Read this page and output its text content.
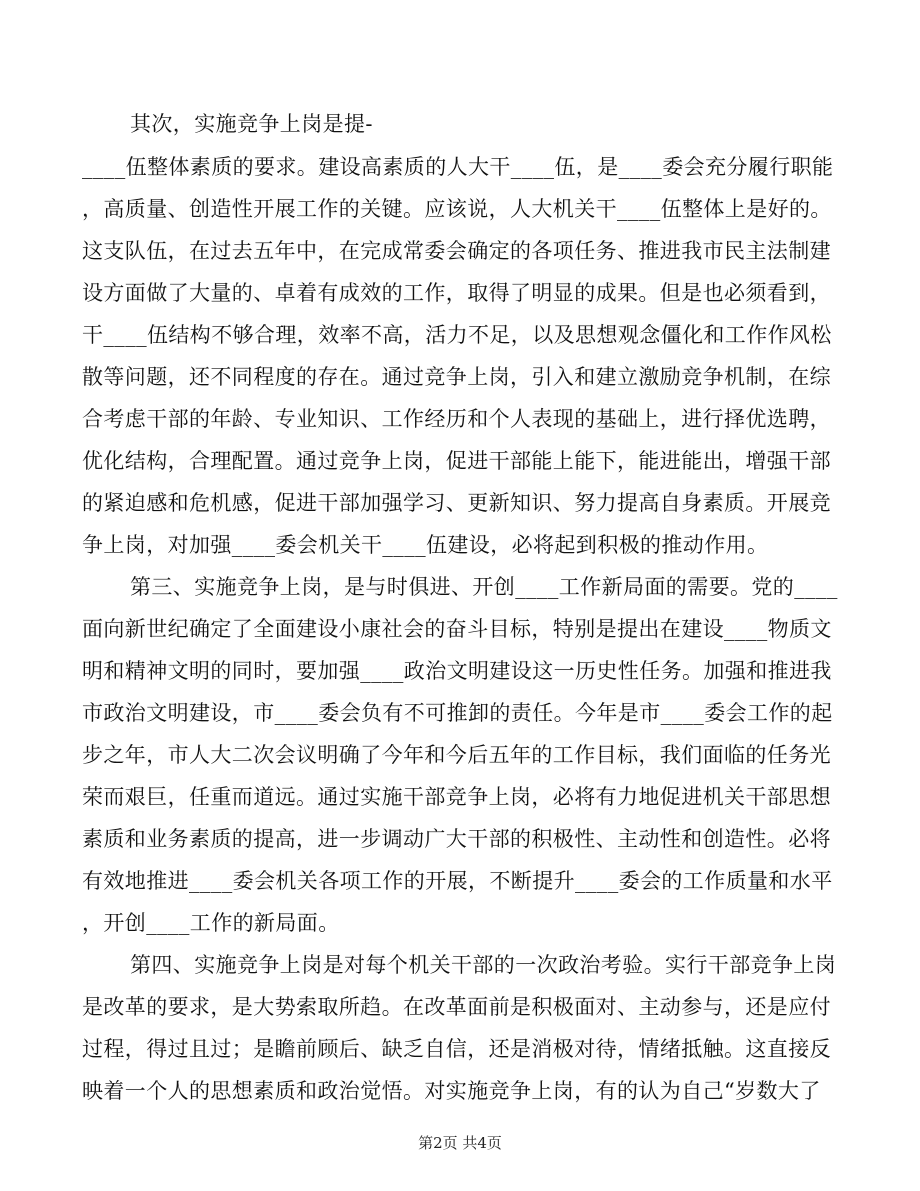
其次，实施竞争上岗是提-
____伍整体素质的要求。建设高素质的人大干____伍，是____委会充分履行职能
，高质量、创造性开展工作的关键。应该说，人大机关干____伍整体上是好的。
这支队伍，在过去五年中，在完成常委会确定的各项任务、推进我市民主法制建
设方面做了大量的、卓着有成效的工作，取得了明显的成果。但是也必须看到，
干____伍结构不够合理，效率不高，活力不足，以及思想观念僵化和工作作风松
散等问题，还不同程度的存在。通过竞争上岗，引入和建立激励竞争机制，在综
合考虑干部的年龄、专业知识、工作经历和个人表现的基础上，进行择优选聘，
优化结构，合理配置。通过竞争上岗，促进干部能上能下，能进能出，增强干部
的紧迫感和危机感，促进干部加强学习、更新知识、努力提高自身素质。开展竞
争上岗，对加强____委会机关干____伍建设，必将起到积极的推动作用。
第三、实施竞争上岗，是与时俱进、开创____工作新局面的需要。党的____
面向新世纪确定了全面建设小康社会的奋斗目标，特别是提出在建设____物质文
明和精神文明的同时，要加强____政治文明建设这一历史性任务。加强和推进我
市政治文明建设，市____委会负有不可推卸的责任。今年是市____委会工作的起
步之年，市人大二次会议明确了今年和今后五年的工作目标，我们面临的任务光
荣而艰巨，任重而道远。通过实施干部竞争上岗，必将有力地促进机关干部思想
素质和业务素质的提高，进一步调动广大干部的积极性、主动性和创造性。必将
有效地推进____委会机关各项工作的开展，不断提升____委会的工作质量和水平
，开创____工作的新局面。
第四、实施竞争上岗是对每个机关干部的一次政治考验。实行干部竞争上岗
是改革的要求，是大势索取所趋。在改革面前是积极面对、主动参与，还是应付
过程，得过且过；是瞻前顾后、缺乏自信，还是消极对待，情绪抵触。这直接反
映着一个人的思想素质和政治觉悟。对实施竞争上岗，有的认为自己“岁数大了
第2页 共4页
